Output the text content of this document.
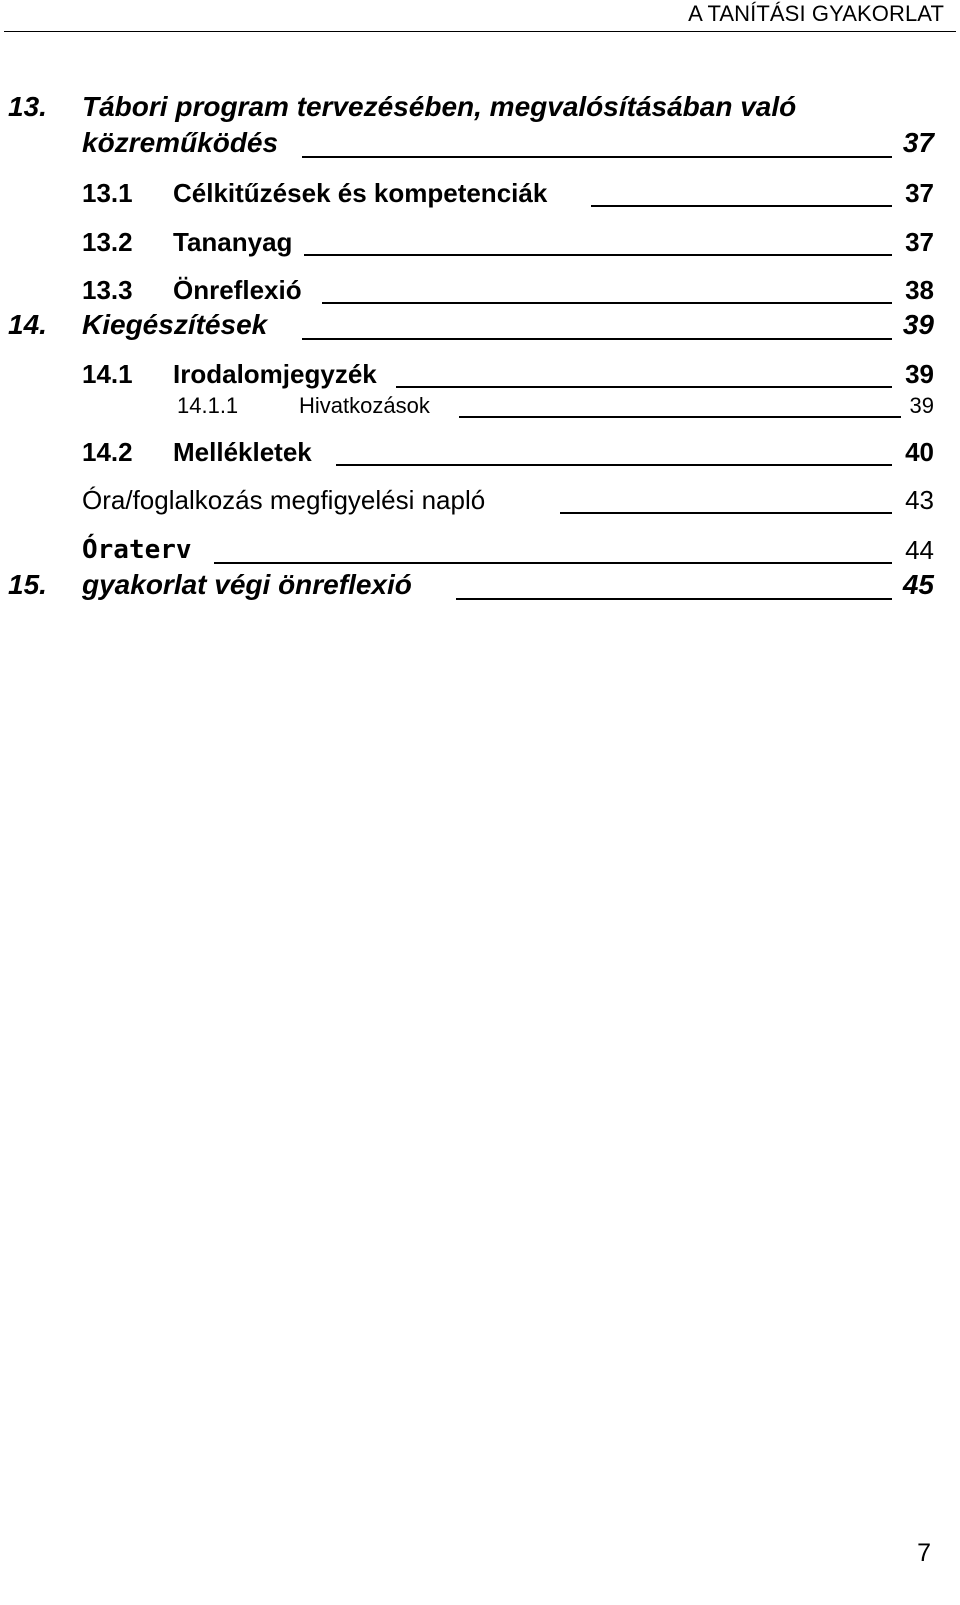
A TANÍTÁSI GYAKORLAT
13. Tábori program tervezésében, megvalósításában való
közreműködés	37
13.1 Célkitűzések és kompetenciák	37
13.2 Tananyag	37
13.3 Önreflexió	38
14. Kiegészítések	39
14.1 Irodalomjegyzék	39
14.1.1	Hivatkozások	39
14.2 Mellékletek	40
Óra/foglalkozás megfigyelési napló	43
Óraterv	44
15. gyakorlat végi önreflexió	45
7
